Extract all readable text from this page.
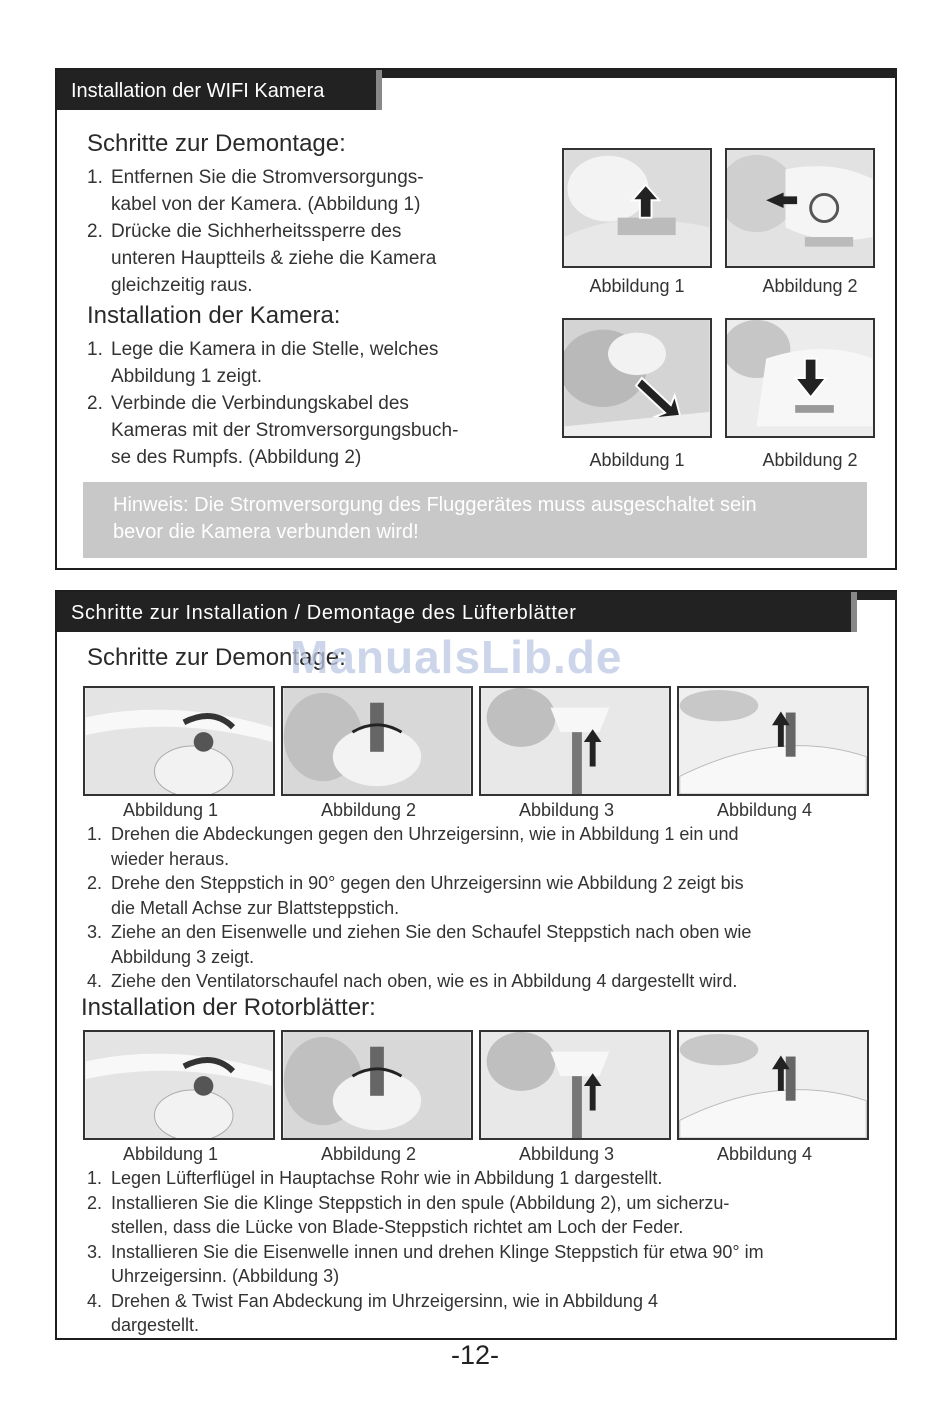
Installation der WIFI Kamera
Schritte zur Demontage:
1. Entfernen Sie die Stromversorgungs-
kabel von der Kamera. (Abbildung 1)
2. Drücke die Sichherheitssperre des
unteren Hauptteils & ziehe die Kamera
gleichzeitig raus.
Installation der Kamera:
1. Lege die Kamera in die Stelle, welches
Abbildung 1 zeigt.
2. Verbinde die Verbindungskabel des
Kameras mit der Stromversorgungsbuch-
se des Rumpfs. (Abbildung 2)
Abbildung 1	Abbildung 2
Abbildung 1	Abbildung 2
Hinweis: Die Stromversorgung des Fluggerätes muss ausgeschaltet sein
bevor die Kamera verbunden wird!
Schritte zur Installation / Demontage des Lüfterblätter
Schritte zur Demontage:
Abbildung 1	Abbildung 2	Abbildung 3	Abbildung 4
1. Drehen die Abdeckungen gegen den Uhrzeigersinn, wie in Abbildung 1 ein und
wieder heraus.
2. Drehe den Steppstich in 90° gegen den Uhrzeigersinn wie Abbildung 2 zeigt bis
die Metall Achse zur Blattsteppstich.
3. Ziehe an den Eisenwelle und ziehen Sie den Schaufel Steppstich nach oben wie
Abbildung 3 zeigt.
4. Ziehe den Ventilatorschaufel nach oben, wie es in Abbildung 4 dargestellt wird.
Installation der Rotorblätter:
Abbildung 1	Abbildung 2	Abbildung 3	Abbildung 4
1. Legen Lüfterflügel in Hauptachse Rohr wie in Abbildung 1 dargestellt.
2. Installieren Sie die Klinge Steppstich in den spule (Abbildung 2), um sicherzu-
stellen, dass die Lücke von Blade-Steppstich richtet am Loch der Feder.
3. Installieren Sie die Eisenwelle innen und drehen Klinge Steppstich für etwa 90° im
Uhrzeigersinn. (Abbildung 3)
4. Drehen & Twist Fan Abdeckung im Uhrzeigersinn, wie in Abbildung 4
dargestellt.
ManualsLib.de
-12-
